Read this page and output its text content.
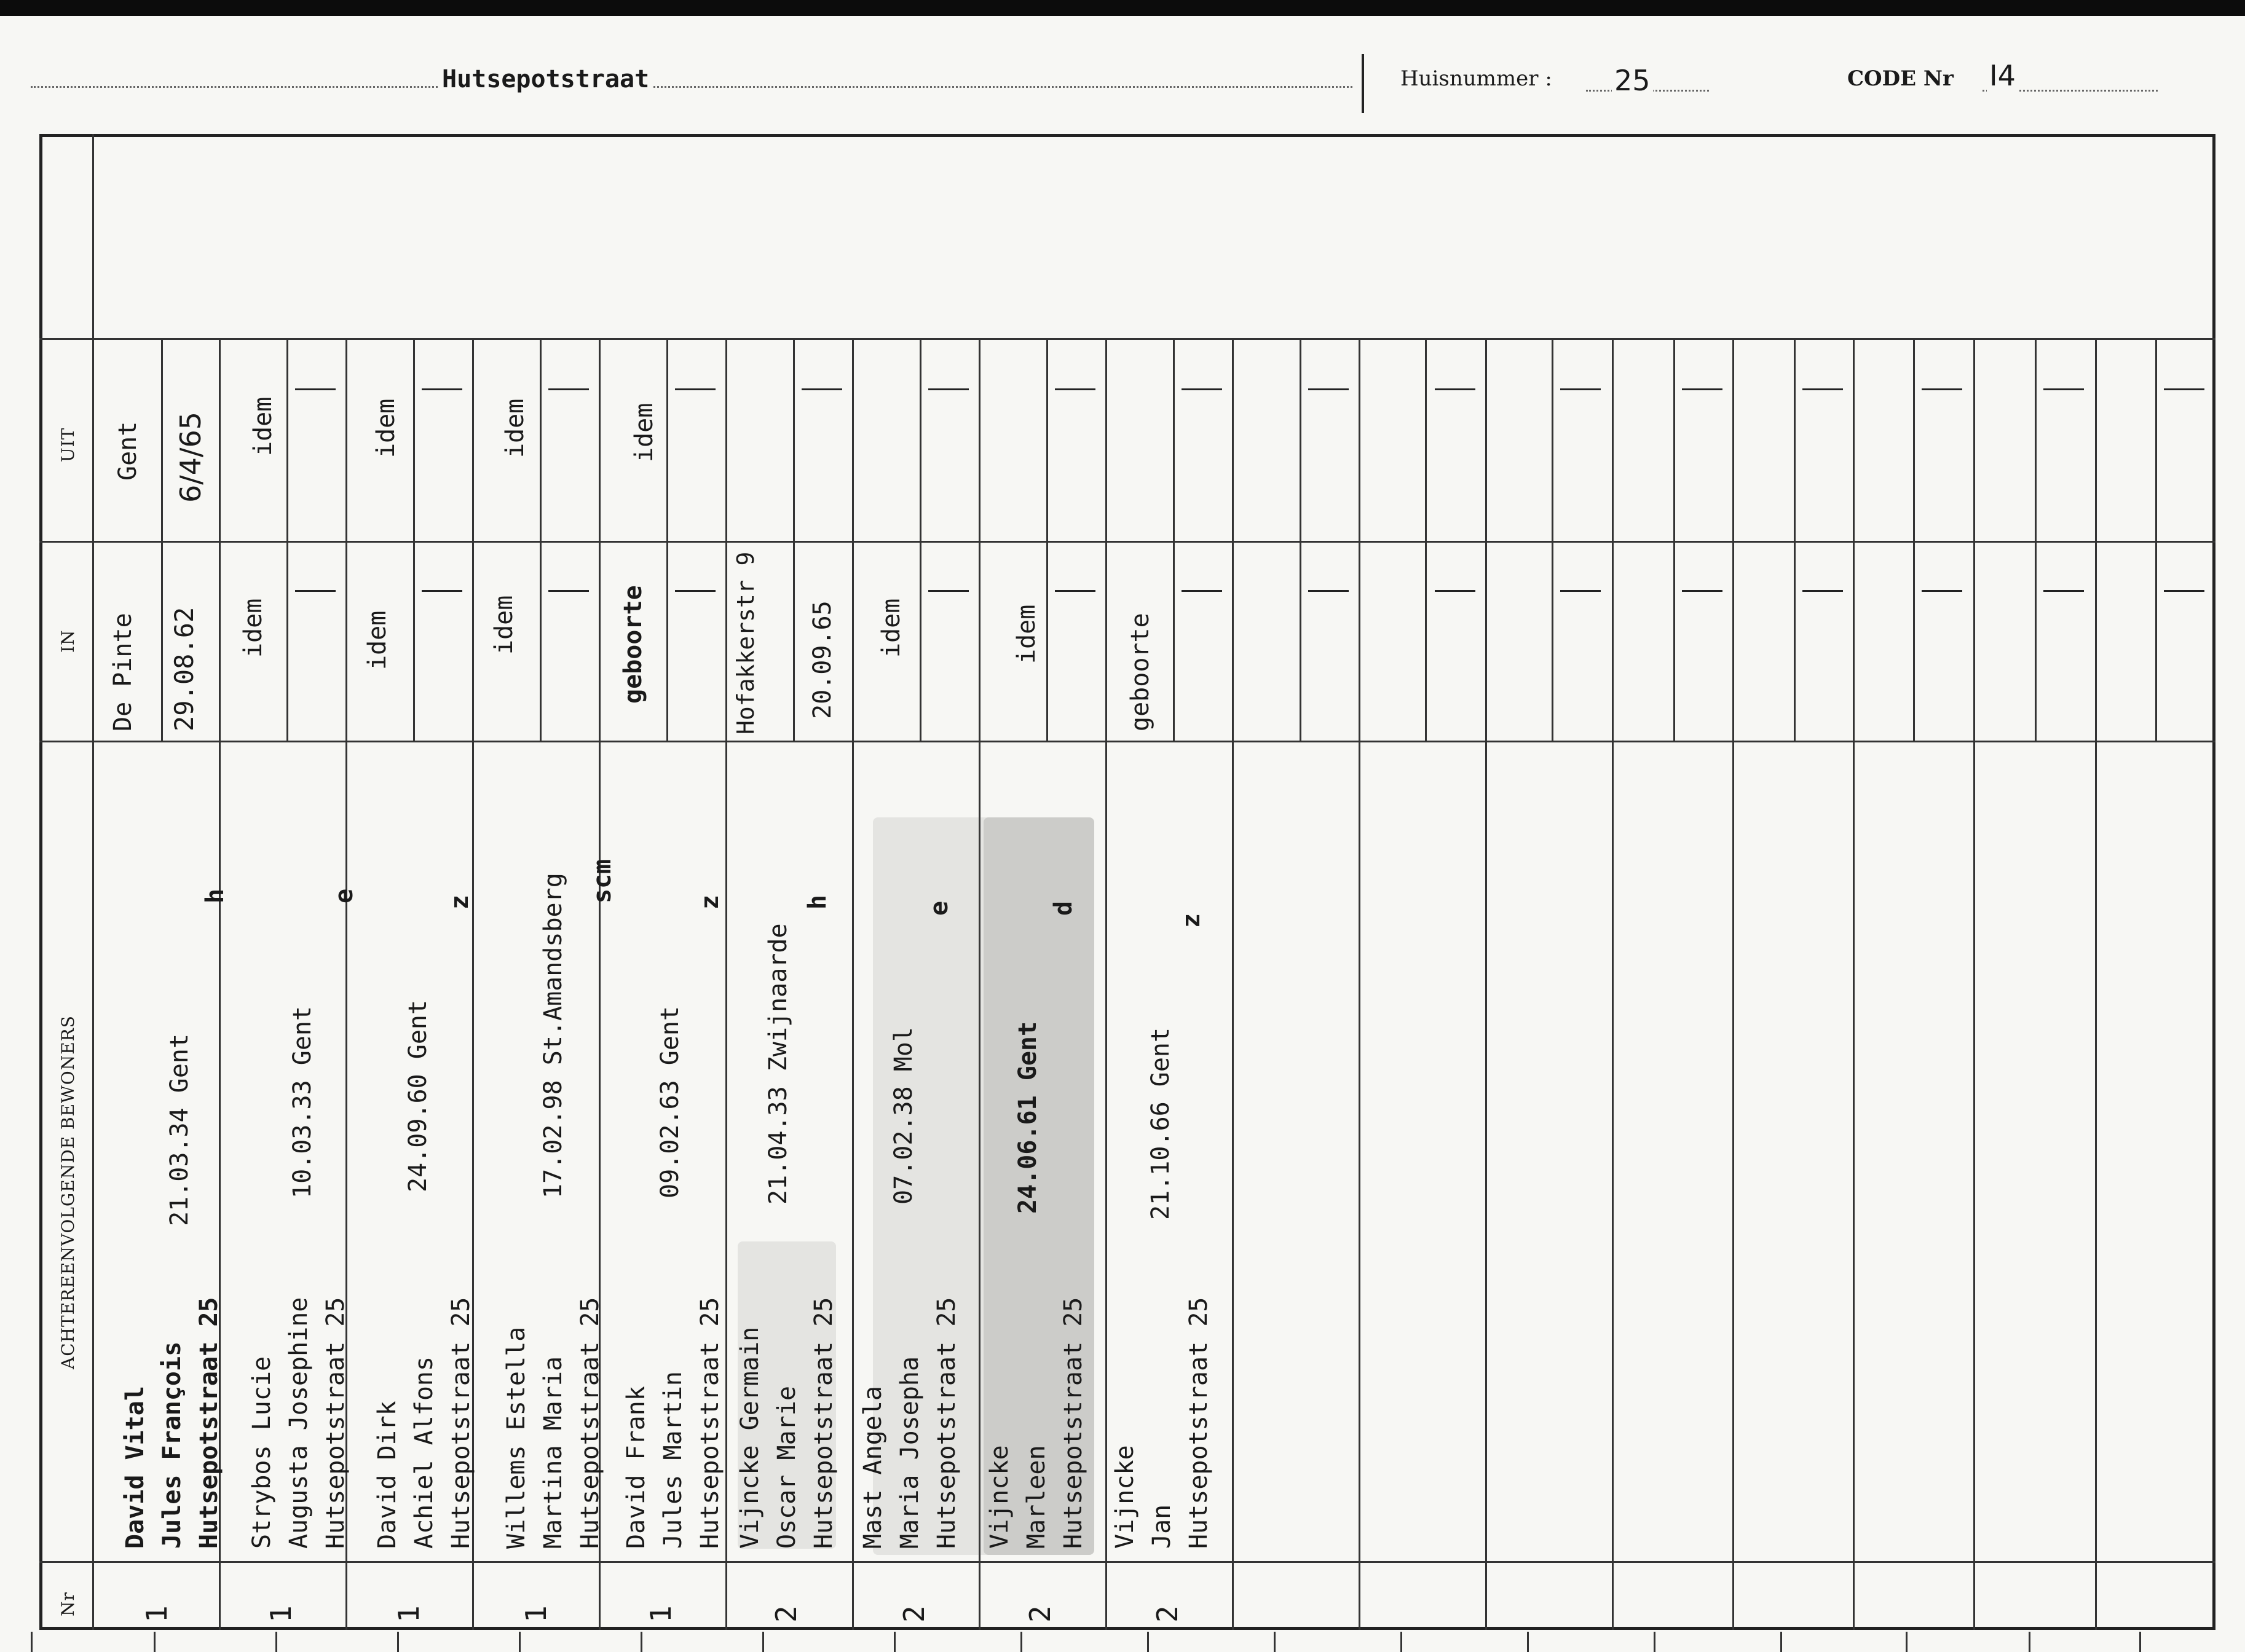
Hutsepotstraat	Huisnummer : 25	CODE Nr I4
UIT
IN
ACHTEREENVOLGENDE BEWONERS
Nr
David Vital Jules François Hutsepotstraat 25
21.03.34 Gent
h
De Pinte 29.08.62
Gent 6/4/65
1
Strybos Lucie Augusta Josephine Hutsepotstraat 25
10.03.33 Gent
e
idem
idem
1
David Dirk Achiel Alfons Hutsepotstraat 25
24.09.60 Gent
z
idem
idem
1
Willems Estella Martina Maria Hutsepotstraat 25
17.02.98 St.Amandsberg scm
idem
idem
1
David Frank Jules Martin Hutsepotstraat 25
09.02.63 Gent
z
geboorte
idem
1
Vijncke Germain Oscar Marie Hutsepotstraat 25
21.04.33 Zwijnaarde
h
Hofakkerstr 9 20.09.65
2
Mast Angela Maria Josepha Hutsepotstraat 25
07.02.38 Mol
e
idem
2
Vijncke Marleen Hutsepotstraat 25
24.06.61 Gent
d
idem
2
Vijncke Jan Hutsepotstraat 25
21.10.66 Gent
z
geboorte
2
